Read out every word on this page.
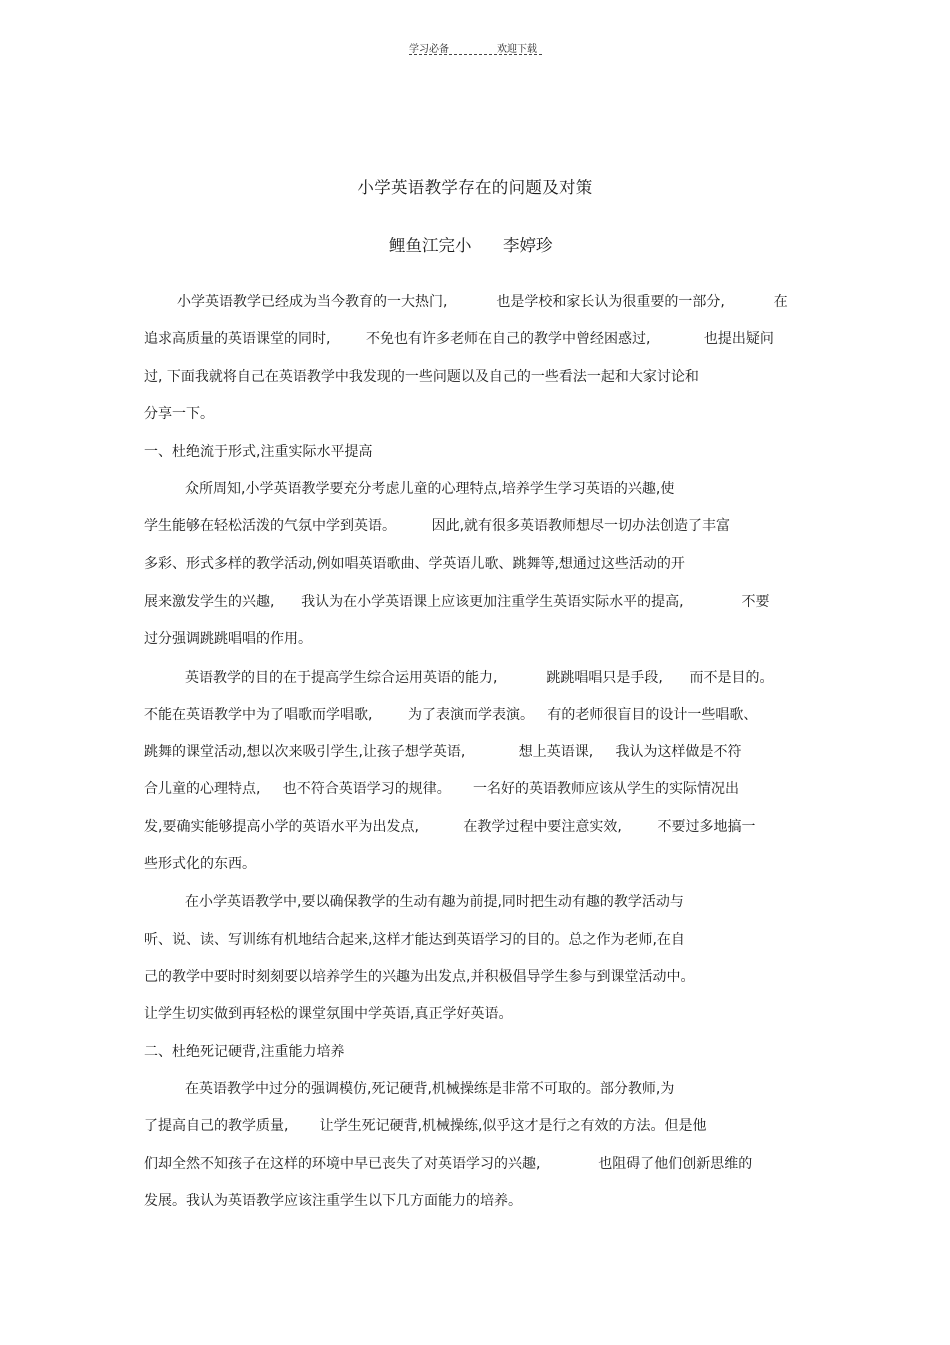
学习必备	欢迎下载
小学英语教学存在的问题及对策
鲤鱼江完小      李婷珍
小学英语教学已经成为当今教育的一大热门,           也是学校和家长认为很重要的一部分,           在
追求高质量的英语课堂的同时,        不免也有许多老师在自己的教学中曾经困惑过,            也提出疑问
过, 下面我就将自己在英语教学中我发现的一些问题以及自己的一些看法一起和大家讨论和
分享一下。
一、杜绝流于形式,注重实际水平提高
众所周知,小学英语教学要充分考虑儿童的心理特点,培养学生学习英语的兴趣,使
学生能够在轻松活泼的气氛中学到英语。        因此,就有很多英语教师想尽一切办法创造了丰富
多彩、形式多样的教学活动,例如唱英语歌曲、学英语儿歌、跳舞等,想通过这些活动的开
展来激发学生的兴趣,      我认为在小学英语课上应该更加注重学生英语实际水平的提高,             不要
过分强调跳跳唱唱的作用。
英语教学的目的在于提高学生综合运用英语的能力,           跳跳唱唱只是手段,      而不是目的。
不能在英语教学中为了唱歌而学唱歌,        为了表演而学表演。   有的老师很盲目的设计一些唱歌、
跳舞的课堂活动,想以次来吸引学生,让孩子想学英语,            想上英语课,     我认为这样做是不符
合儿童的心理特点,     也不符合英语学习的规律。     一名好的英语教师应该从学生的实际情况出
发,要确实能够提高小学的英语水平为出发点,          在教学过程中要注意实效,        不要过多地搞一
些形式化的东西。
在小学英语教学中,要以确保教学的生动有趣为前提,同时把生动有趣的教学活动与
听、说、读、写训练有机地结合起来,这样才能达到英语学习的目的。总之作为老师,在自
己的教学中要时时刻刻要以培养学生的兴趣为出发点,并积极倡导学生参与到课堂活动中。
让学生切实做到再轻松的课堂氛围中学英语,真正学好英语。
二、杜绝死记硬背,注重能力培养
在英语教学中过分的强调模仿,死记硬背,机械操练是非常不可取的。部分教师,为
了提高自己的教学质量,       让学生死记硬背,机械操练,似乎这才是行之有效的方法。但是他
们却全然不知孩子在这样的环境中早已丧失了对英语学习的兴趣,             也阻碍了他们创新思维的
发展。我认为英语教学应该注重学生以下几方面能力的培养。
